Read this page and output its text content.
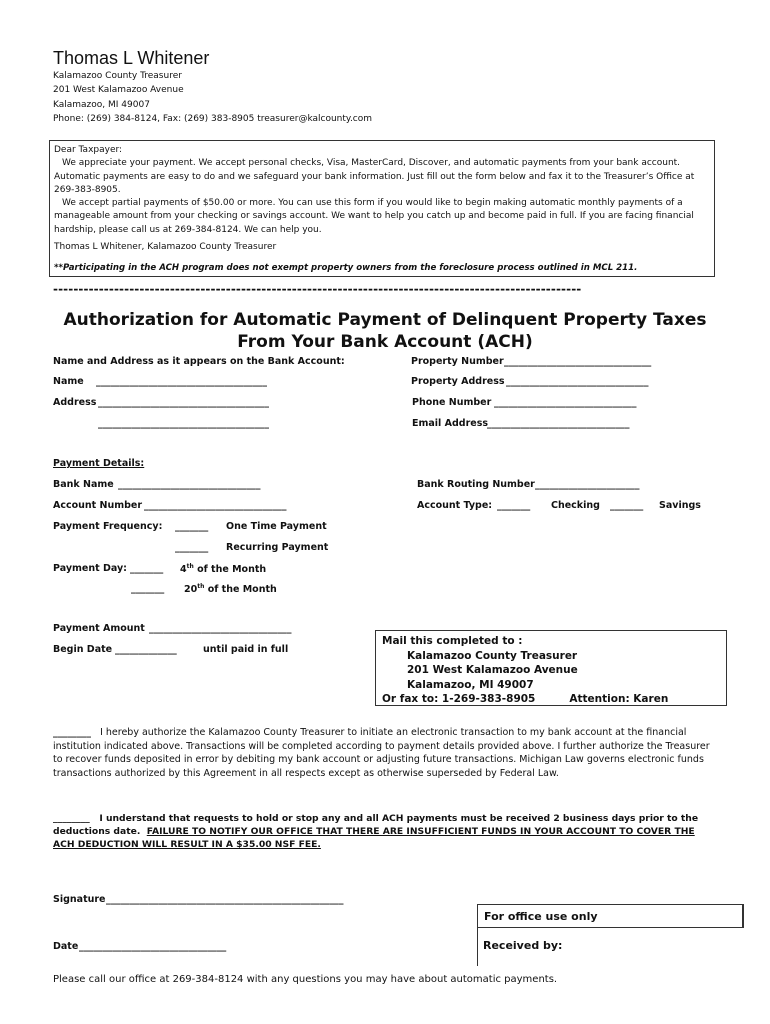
Thomas L Whitener
Kalamazoo County Treasurer
201 West Kalamazoo Avenue
Kalamazoo, MI 49007
Phone: (269) 384-8124, Fax: (269) 383-8905 treasurer@kalcounty.com

Dear Taxpayer:

We appreciate your payment. We accept personal checks, Visa, MasterCard, Discover, and automatic payments from your bank account. Automatic payments are easy to do and we safeguard your bank information. Just fill out the form below and fax it to the Treasurer’s Office at 269-383-8905.

We accept partial payments of $50.00 or more. You can use this form if you would like to begin making automatic monthly payments of a manageable amount from your checking or savings account. We want to help you catch up and become paid in full. If you are facing financial hardship, please call us at 269-384-8124. We can help you.

Thomas L Whitener, Kalamazoo County Treasurer

**Participating in the ACH program does not exempt property owners from the foreclosure process outlined in MCL 211.

--------------------------------------------------------------------------------------------------------
Authorization for Automatic Payment of Delinquent Property Taxes
From Your Bank Account (ACH)
Name and Address as it appears on the Bank Account:
Name ____________________________________
Address ____________________________________
____________________________________
Property Number _______________________________
Property Address ______________________________
Phone Number ______________________________
Email Address
______________________________
Payment Details:
Bank Name ______________________________
Account Number ______________________________
Bank Routing Number ______________________
Account Type: _______ Checking _______ Savings
Payment Frequency: _______ One Time Payment
_______ Recurring Payment
Payment Day: _______ 4th of the Month
_______ 20th of the Month
Payment Amount ______________________________
Begin Date _____________	until paid in full
Mail this completed to :
Kalamazoo County Treasurer
201 West Kalamazoo Avenue
Kalamazoo, MI 49007
Or fax to: 1-269-383-8905	Attention: Karen
________ I hereby authorize the Kalamazoo County Treasurer to initiate an electronic transaction to my bank account at the financial institution indicated above. Transactions will be completed according to payment details provided above. I further authorize the Treasurer to recover funds deposited in error by debiting my bank account or adjusting future transactions. Michigan Law governs electronic funds transactions authorized by this Agreement in all respects except as otherwise superseded by Federal Law.
________ I understand that requests to hold or stop any and all ACH payments must be received 2 business days prior to the deductions date. FAILURE TO NOTIFY OUR OFFICE THAT THERE ARE INSUFFICIENT FUNDS IN YOUR ACCOUNT TO COVER THE ACH DEDUCTION WILL RESULT IN A $35.00 NSF FEE.
Signature __________________________________________________
Date _______________________________
For office use only
Received by:
Please call our office at 269-384-8124 with any questions you may have about automatic payments.
